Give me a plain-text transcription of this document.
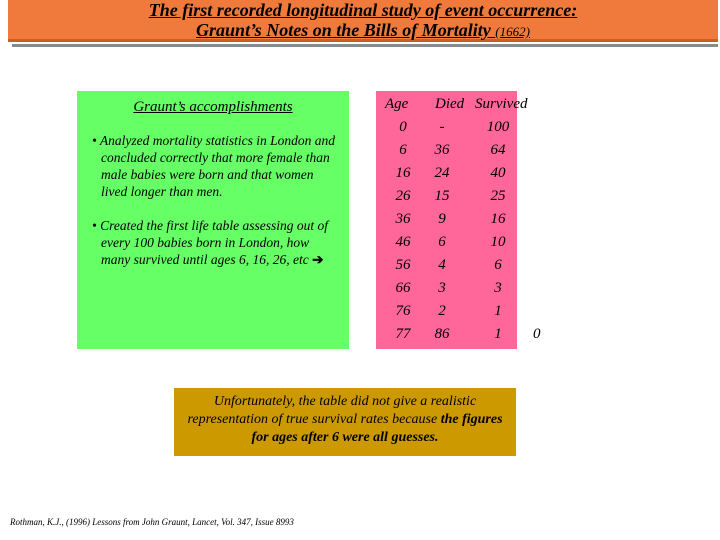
The first recorded longitudinal study of event occurrence:
Graunt’s Notes on the Bills of Mortality (1662)
Graunt’s accomplishments
• Analyzed mortality statistics in London and concluded correctly that more female than male babies were born and that women lived longer than men.
• Created the first life table assessing out of every 100 babies born in London, how many survived until ages 6, 16, 26, etc ➔
Age Died Survived
0	-	100
6	36	64
16	24	40
26	15	25
36	9	16
46	6	10
56	4	6
66	3	3
76	2	1
77	86	1	0
Unfortunately, the table did not give a realistic representation of true survival rates because the figures for ages after 6 were all guesses.
Rothman, K.J., (1996) Lessons from John Graunt, Lancet, Vol. 347, Issue 8993
